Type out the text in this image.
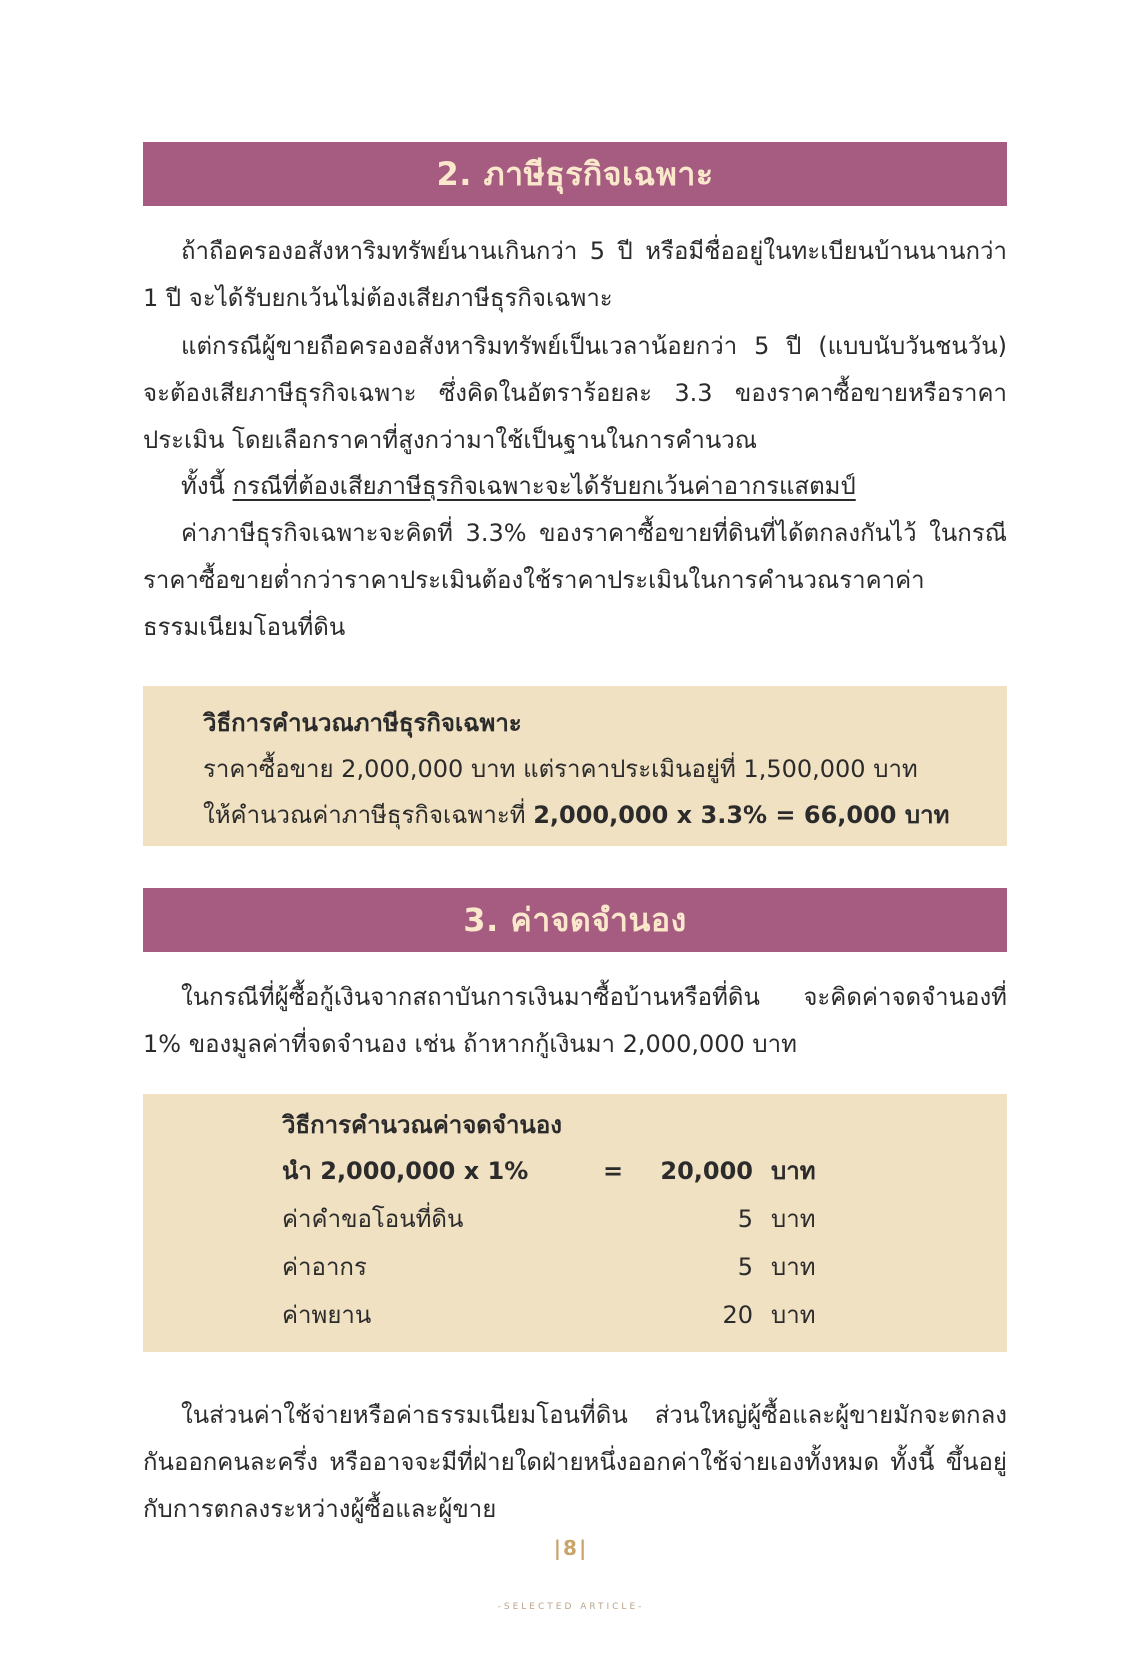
2. ภาษีธุรกิจเฉพาะ

ถ้าถือครองอสังหาริมทรัพย์นานเกินกว่า 5 ปี หรือมีชื่ออยู่ในทะเบียนบ้านนานกว่า 1 ปี จะได้รับยกเว้นไม่ต้องเสียภาษีธุรกิจเฉพาะ

แต่กรณีผู้ขายถือครองอสังหาริมทรัพย์เป็นเวลาน้อยกว่า 5 ปี (แบบนับวันชนวัน) จะต้องเสียภาษีธุรกิจเฉพาะ ซึ่งคิดในอัตราร้อยละ 3.3 ของราคาซื้อขายหรือราคาประเมิน โดยเลือกราคาที่สูงกว่ามาใช้เป็นฐานในการคำนวณ

ทั้งนี้ กรณีที่ต้องเสียภาษีธุรกิจเฉพาะจะได้รับยกเว้นค่าอากรแสตมป์

ค่าภาษีธุรกิจเฉพาะจะคิดที่ 3.3% ของราคาซื้อขายที่ดินที่ได้ตกลงกันไว้ ในกรณีราคาซื้อขายต่ำกว่าราคาประเมินต้องใช้ราคาประเมินในการคำนวณราคาค่าธรรมเนียมโอนที่ดิน

วิธีการคำนวณภาษีธุรกิจเฉพาะ
ราคาซื้อขาย 2,000,000 บาท แต่ราคาประเมินอยู่ที่ 1,500,000 บาท
ให้คำนวณค่าภาษีธุรกิจเฉพาะที่ 2,000,000 x 3.3% = 66,000 บาท
3. ค่าจดจำนอง

ในกรณีที่ผู้ซื้อกู้เงินจากสถาบันการเงินมาซื้อบ้านหรือที่ดิน จะคิดค่าจดจำนองที่ 1% ของมูลค่าที่จดจำนอง เช่น ถ้าหากกู้เงินมา 2,000,000 บาท

วิธีการคำนวณค่าจดจำนอง
นำ 2,000,000 x 1%	=	20,000 บาท
ค่าคำขอโอนที่ดิน	5 บาท
ค่าอากร	5 บาท
ค่าพยาน	20 บาท

ในส่วนค่าใช้จ่ายหรือค่าธรรมเนียมโอนที่ดิน ส่วนใหญ่ผู้ซื้อและผู้ขายมักจะตกลงกันออกคนละครึ่ง หรืออาจจะมีที่ฝ่ายใดฝ่ายหนึ่งออกค่าใช้จ่ายเองทั้งหมด ทั้งนี้ ขึ้นอยู่กับการตกลงระหว่างผู้ซื้อและผู้ขาย

|8|
-SELECTED ARTICLE-
